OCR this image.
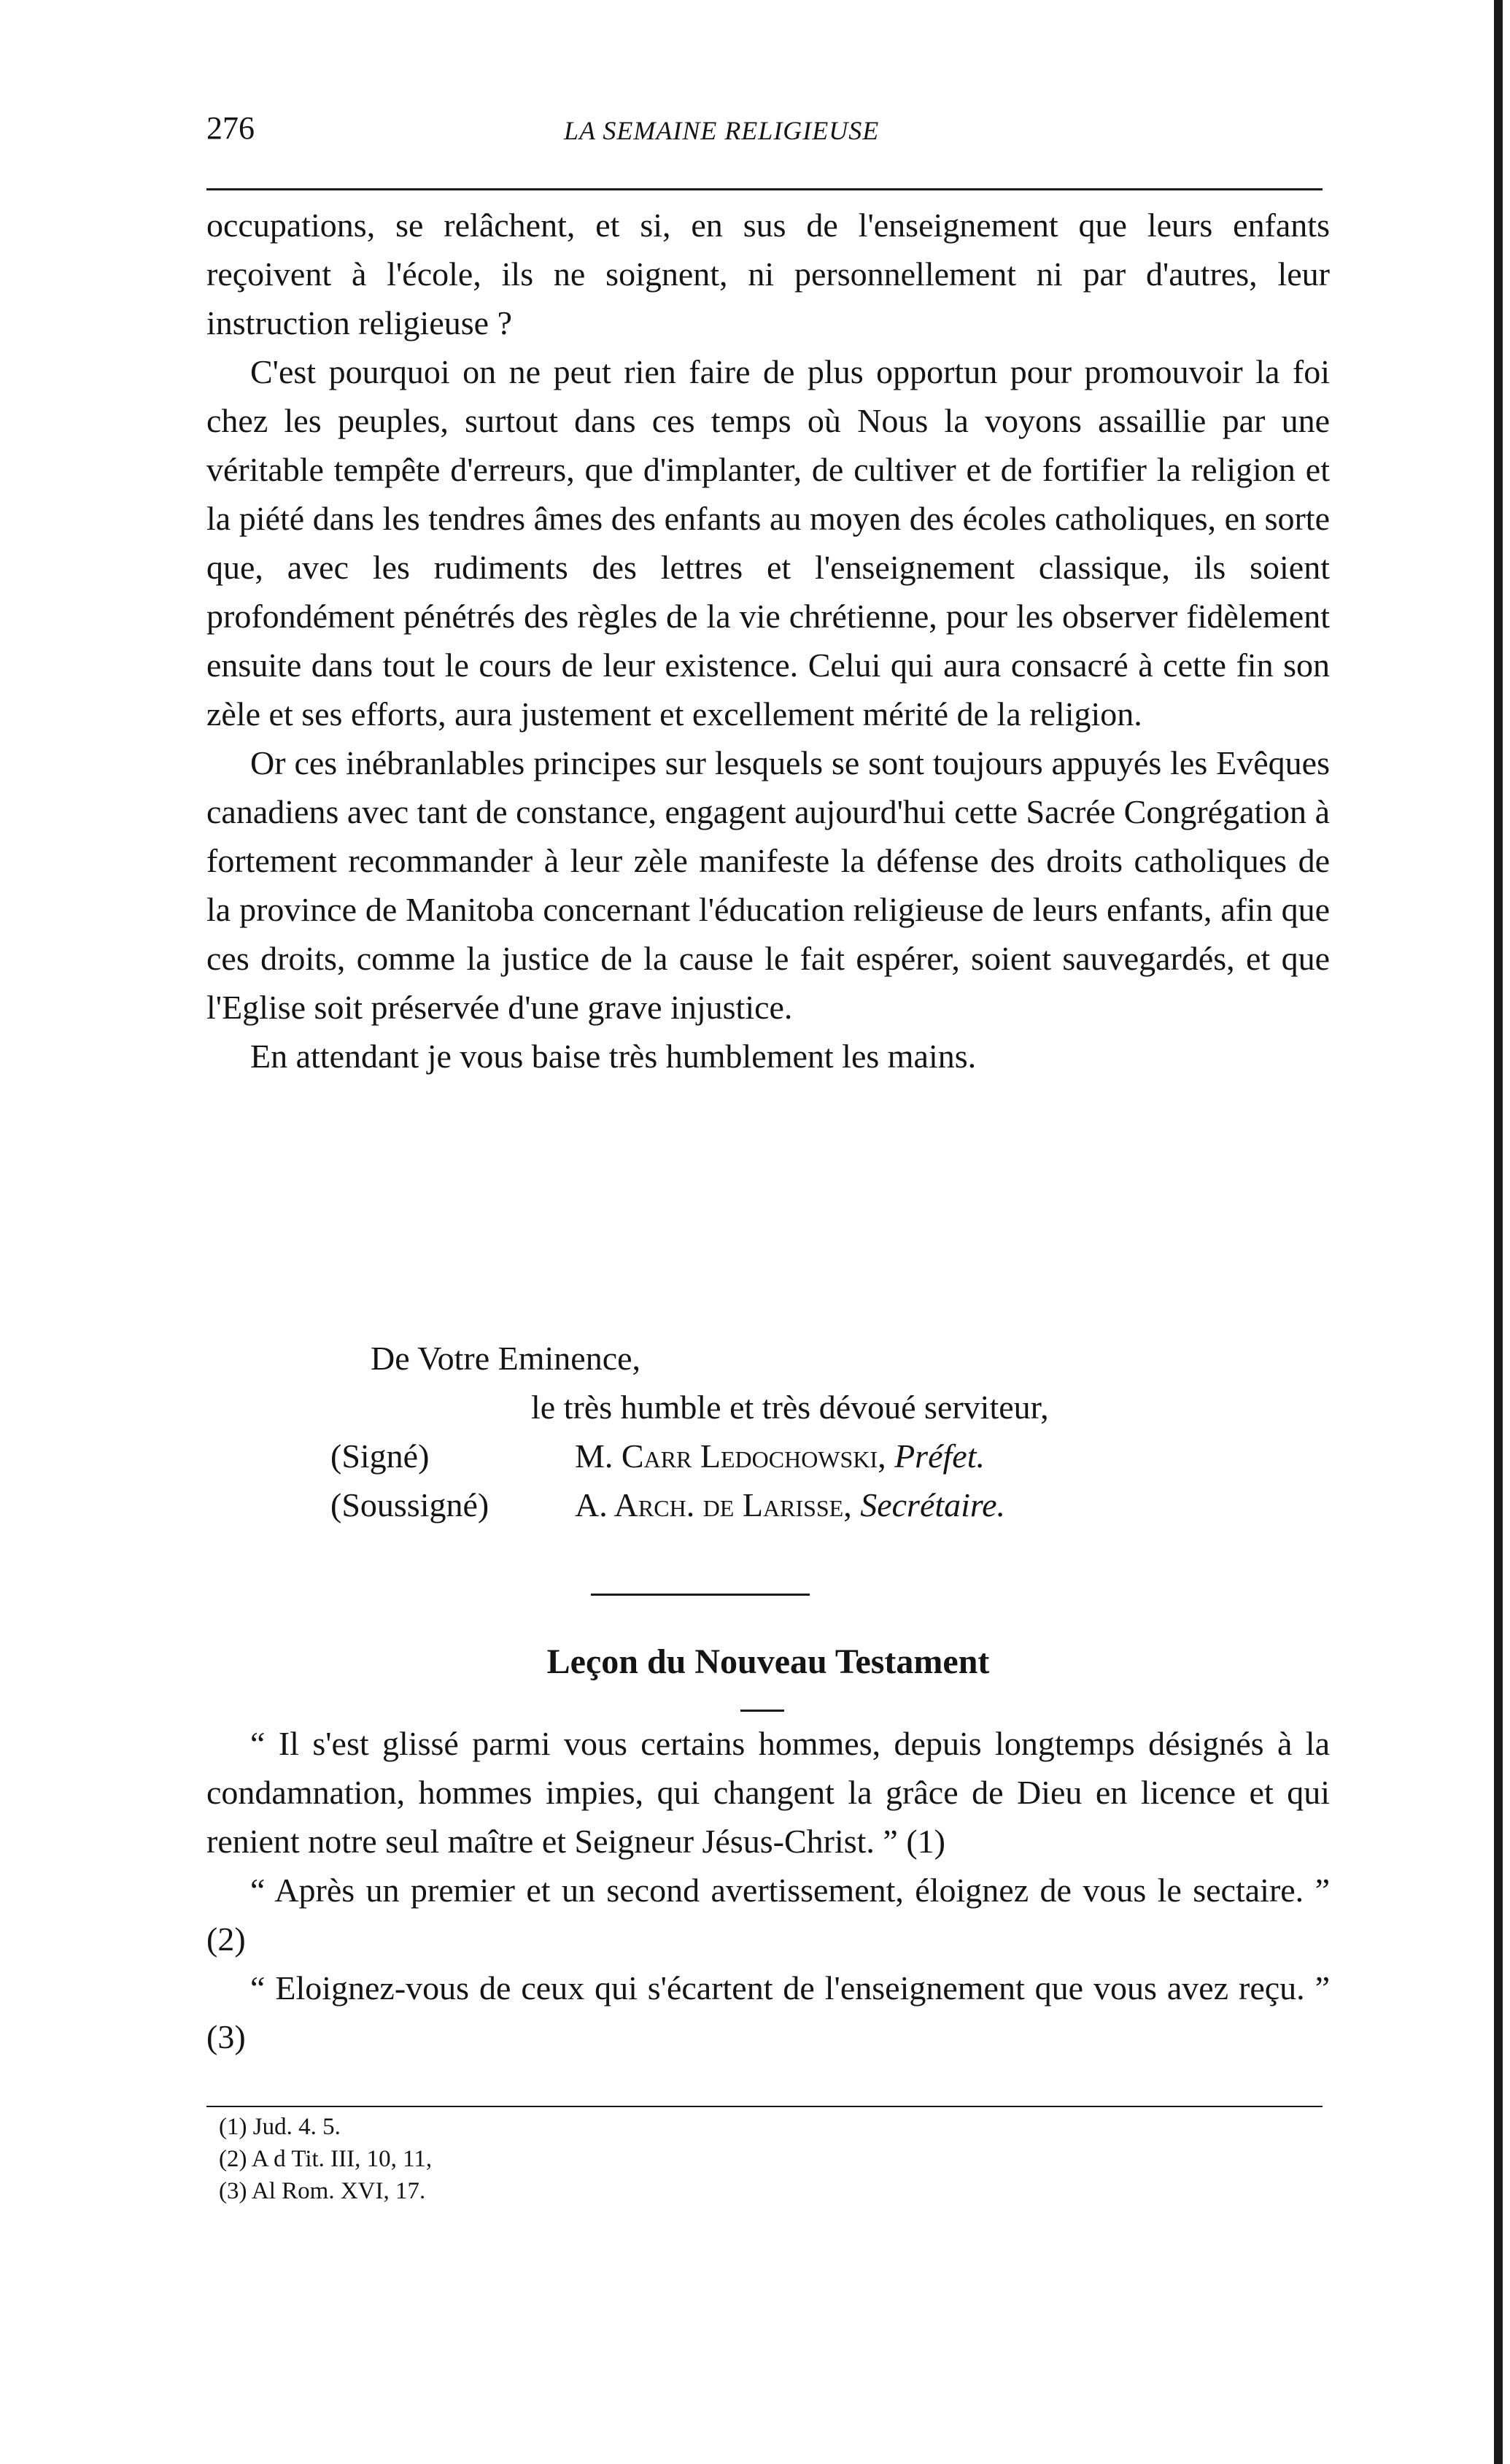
276	LA SEMAINE RELIGIEUSE

occupations, se relâchent, et si, en sus de l'enseignement que leurs enfants reçoivent à l'école, ils ne soignent, ni personnellement ni par d'autres, leur instruction religieuse ?

C'est pourquoi on ne peut rien faire de plus opportun pour promouvoir la foi chez les peuples, surtout dans ces temps où Nous la voyons assaillie par une véritable tempête d'erreurs, que d'implanter, de cultiver et de fortifier la religion et la piété dans les tendres âmes des enfants au moyen des écoles catholiques, en sorte que, avec les rudiments des lettres et l'enseignement classique, ils soient profondément pénétrés des règles de la vie chrétienne, pour les observer fidèlement ensuite dans tout le cours de leur existence. Celui qui aura consacré à cette fin son zèle et ses efforts, aura justement et excellement mérité de la religion.

Or ces inébranlables principes sur lesquels se sont toujours appuyés les Evêques canadiens avec tant de constance, engagent aujourd'hui cette Sacrée Congrégation à fortement recommander à leur zèle manifeste la défense des droits catholiques de la province de Manitoba concernant l'éducation religieuse de leurs enfants, afin que ces droits, comme la justice de la cause le fait espérer, soient sauvegardés, et que l'Eglise soit préservée d'une grave injustice.

En attendant je vous baise très humblement les mains.

De Votre Eminence,
le très humble et très dévoué serviteur,
(Signé)	M. Carr Ledochowski, Préfet.
(Soussigné)	A. Arch. de Larisse, Secrétaire.
Leçon du Nouveau Testament

“ Il s'est glissé parmi vous certains hommes, depuis longtemps désignés à la condamnation, hommes impies, qui changent la grâce de Dieu en licence et qui renient notre seul maître et Seigneur Jésus-Christ. ” (1)

“ Après un premier et un second avertissement, éloignez de vous le sectaire. ” (2)

“ Eloignez-vous de ceux qui s'écartent de l'enseignement que vous avez reçu. ” (3)

(1) Jud. 4. 5.
(2) A d Tit. III, 10, 11,
(3) Al Rom. XVI, 17.
